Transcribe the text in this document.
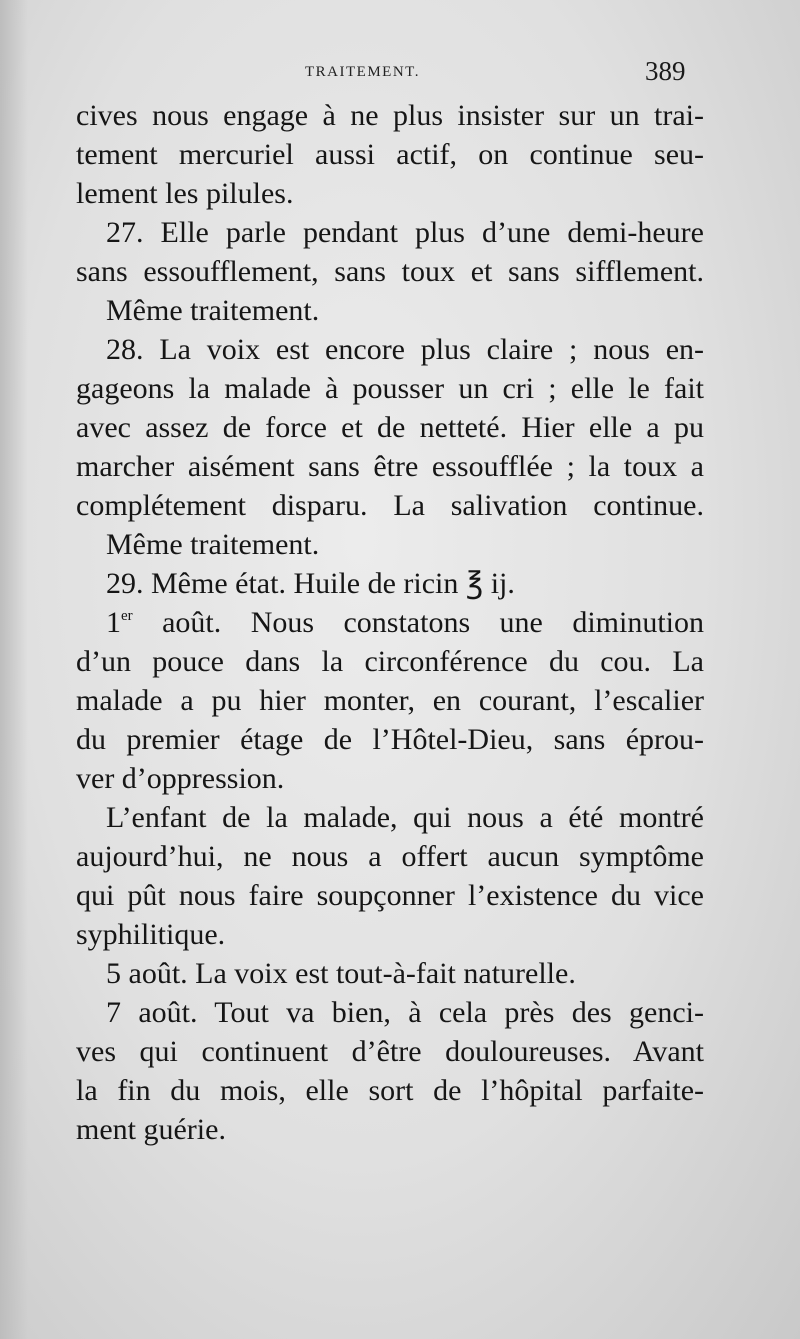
TRAITEMENT.	389
cives nous engage à ne plus insister sur un trai-
tement mercuriel aussi actif, on continue seu-
lement les pilules.
27. Elle parle pendant plus d’une demi-heure
sans essoufflement, sans toux et sans sifflement.
Même traitement.
28. La voix est encore plus claire ; nous en-
gageons la malade à pousser un cri ; elle le fait
avec assez de force et de netteté. Hier elle a pu
marcher aisément sans être essoufflée ; la toux a
complétement disparu. La salivation continue.
Même traitement.
29. Même état. Huile de ricin ℥ ij.
1er août. Nous constatons une diminution
d’un pouce dans la circonférence du cou. La
malade a pu hier monter, en courant, l’escalier
du premier étage de l’Hôtel-Dieu, sans éprou-
ver d’oppression.
L’enfant de la malade, qui nous a été montré
aujourd’hui, ne nous a offert aucun symptôme
qui pût nous faire soupçonner l’existence du vice
syphilitique.
5 août. La voix est tout-à-fait naturelle.
7 août. Tout va bien, à cela près des genci-
ves qui continuent d’être douloureuses. Avant
la fin du mois, elle sort de l’hôpital parfaite-
ment guérie.
